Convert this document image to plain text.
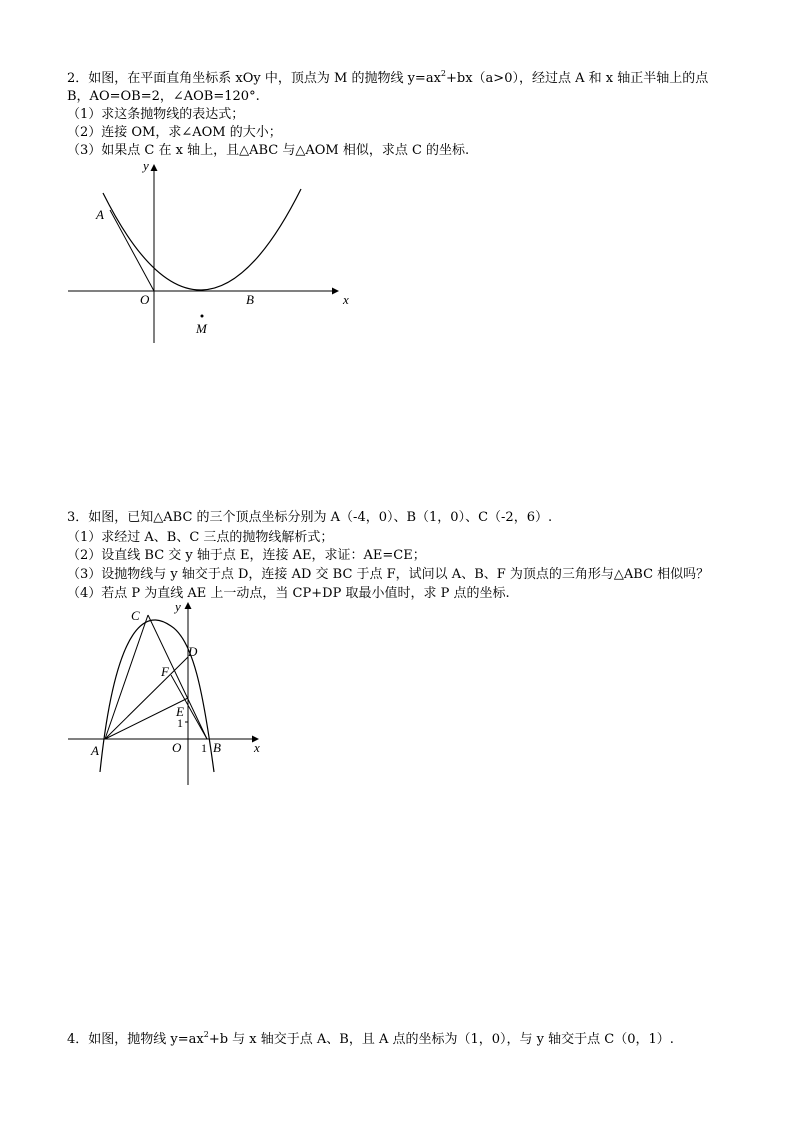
2．如图，在平面直角坐标系 xOy 中，顶点为 M 的抛物线 $y=ax^2+bx(a>0)$，经过点 A 和 x 轴正半轴上的点
B，AO=OB=2，∠AOB=120°.
（1）求这条抛物线的表达式；
（2）连接 OM，求∠AOM 的大小；
（3）如果点 C 在 x 轴上，且△ABC 与△AOM 相似，求点 C 的坐标.
y
x
A
O	B
M
3．如图，已知△ABC 的三个顶点坐标分别为 A（-4，0）、B（1，0）、C（-2，6）.
（1）求经过 A、B、C 三点的抛物线解析式；
（2）设直线 BC 交 y 轴于点 E，连接 AE，求证：AE=CE；
（3）设抛物线与 y 轴交于点 D，连接 AD 交 BC 于点 F，试问以 A、B、F 为顶点的三角形与△ABC 相似吗？
（4）若点 P 为直线 AE 上一动点，当 CP+DP 取最小值时，求 P 点的坐标.
y
C
D
F
E
1
A	O 1 B	x
4．如图，抛物线 $y=ax^2+b$ 与 x 轴交于点 A、B，且 A 点的坐标为（1，0），与 y 轴交于点 C（0，1）.
